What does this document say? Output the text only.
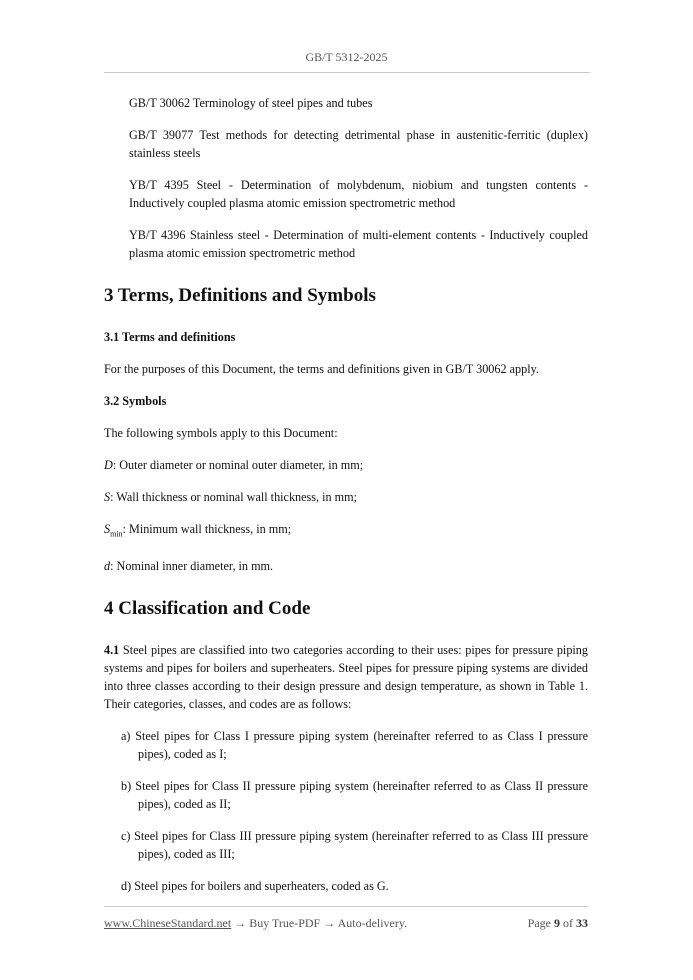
GB/T 5312-2025
GB/T 30062 Terminology of steel pipes and tubes
GB/T 39077 Test methods for detecting detrimental phase in austenitic-ferritic (duplex) stainless steels
YB/T 4395 Steel - Determination of molybdenum, niobium and tungsten contents - Inductively coupled plasma atomic emission spectrometric method
YB/T 4396 Stainless steel - Determination of multi-element contents - Inductively coupled plasma atomic emission spectrometric method
3 Terms, Definitions and Symbols
3.1 Terms and definitions

For the purposes of this Document, the terms and definitions given in GB/T 30062 apply.

3.2 Symbols

The following symbols apply to this Document:

D: Outer diameter or nominal outer diameter, in mm;
S: Wall thickness or nominal wall thickness, in mm;
$S_{min}$: Minimum wall thickness, in mm;
d: Nominal inner diameter, in mm.
4 Classification and Code

4.1 Steel pipes are classified into two categories according to their uses: pipes for pressure piping systems and pipes for boilers and superheaters. Steel pipes for pressure piping systems are divided into three classes according to their design pressure and design temperature, as shown in Table 1. Their categories, classes, and codes are as follows:

a) Steel pipes for Class I pressure piping system (hereinafter referred to as Class I pressure pipes), coded as I;
b) Steel pipes for Class II pressure piping system (hereinafter referred to as Class II pressure pipes), coded as II;
c) Steel pipes for Class III pressure piping system (hereinafter referred to as Class III pressure pipes), coded as III;
d) Steel pipes for boilers and superheaters, coded as G.
www.ChineseStandard.net → Buy True-PDF → Auto-delivery.	Page 9 of 33
